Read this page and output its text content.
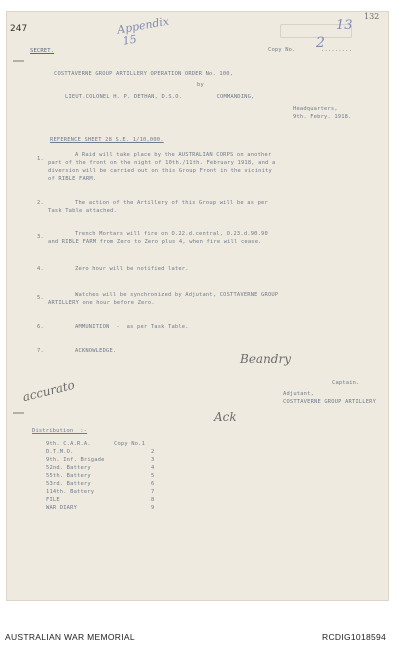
247
132
SECRET.
Appendix
15
Copy No. 2
.........
13
COSTTAVERNE GROUP ARTILLERY OPERATION ORDER No. 100,
by
LIEUT.COLONEL H. P. DETHAN, D.S.O.          COMMANDING,
Headquarters,
9th. Febry. 1918.
REFERENCE SHEET 28 S.E. 1/10,000.
1.
A Raid will take place by the AUSTRALIAN CORPS on another
part of the front on the night of 10th./11th. February 1918, and a
diversion will be carried out on this Group Front in the vicinity
of RIBLE FARM.
2.	The action of the Artillery of this Group will be as per
Task Table attached.
3.	Trench Mortars will fire on O.22.d.central, O.23.d.90.90
and RIBLE FARM from Zero to Zero plus 4, when fire will cease.
4.	Zero hour will be notified later.
5.	Watches will be synchronized by Adjutant, COSTTAVERNE GROUP
ARTILLERY one hour before Zero.
6.	AMMUNITION  -  as per Task Table.
7.	ACKNOWLEDGE.
Beandry
Captain.
Adjutant,
COSTTAVERNE GROUP ARTILLERY
accurato
Ack
Distribution  :-
9th. C.A.R.A.	Copy No.1
D.T.M.O.	2
9th. Inf. Brigade	3
52nd. Battery	4
55th. Battery	5
53rd. Battery	6
114th. Battery	7
FILE	8
WAR DIARY	9
AUSTRALIAN WAR MEMORIAL	RCDIG1018594
